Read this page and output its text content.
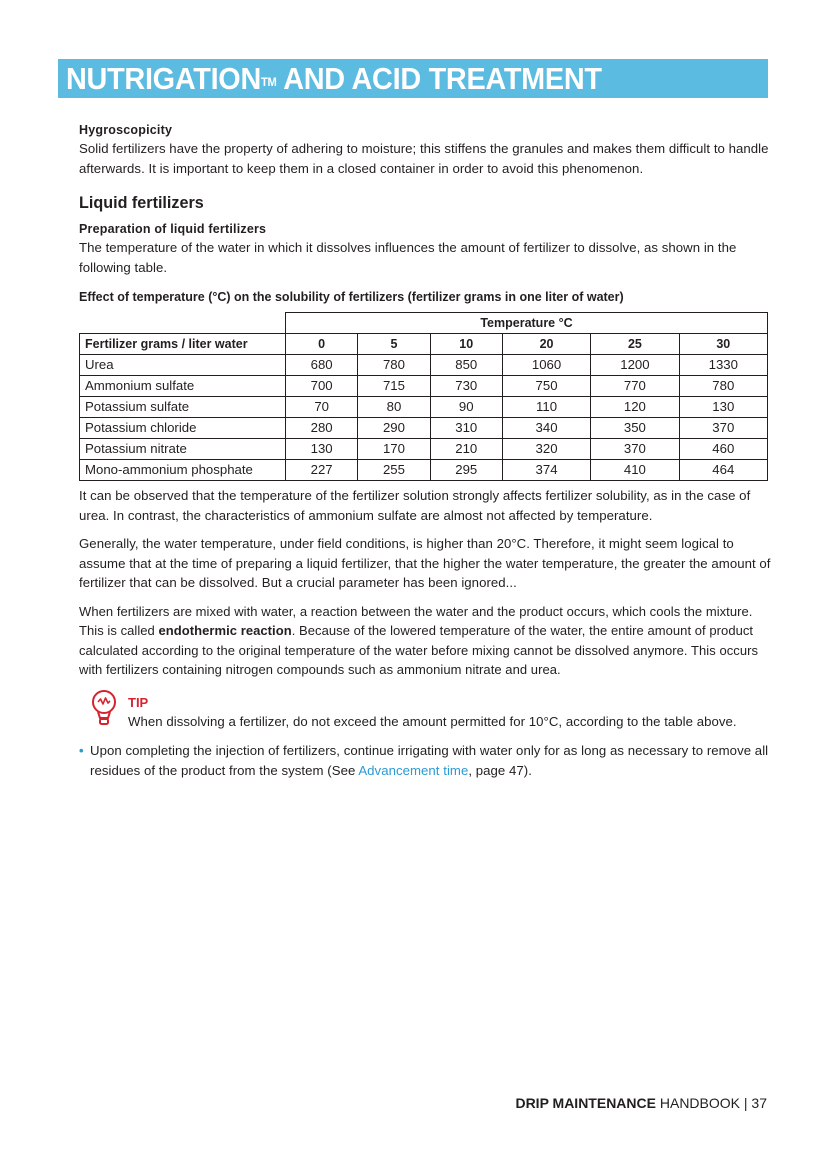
NUTRIGATION™ AND ACID TREATMENT

Hygroscopicity

Solid fertilizers have the property of adhering to moisture; this stiffens the granules and makes them difficult to handle afterwards. It is important to keep them in a closed container in order to avoid this phenomenon.

Liquid fertilizers

Preparation of liquid fertilizers

The temperature of the water in which it dissolves influences the amount of fertilizer to dissolve, as shown in the following table.

Effect of temperature (°C) on the solubility of fertilizers (fertilizer grams in one liter of water)

	Temperature °C					
Fertilizer grams / liter water	0	5	10	20	25	30
Urea	680	780	850	1060	1200	1330
Ammonium sulfate	700	715	730	750	770	780
Potassium sulfate	70	80	90	110	120	130
Potassium chloride	280	290	310	340	350	370
Potassium nitrate	130	170	210	320	370	460
Mono-ammonium phosphate	227	255	295	374	410	464

It can be observed that the temperature of the fertilizer solution strongly affects fertilizer solubility, as in the case of urea. In contrast, the characteristics of ammonium sulfate are almost not affected by temperature.

Generally, the water temperature, under field conditions, is higher than 20°C. Therefore, it might seem logical to assume that at the time of preparing a liquid fertilizer, that the higher the water temperature, the greater the amount of fertilizer that can be dissolved. But a crucial parameter has been ignored...

When fertilizers are mixed with water, a reaction between the water and the product occurs, which cools the mixture. This is called endothermic reaction. Because of the lowered temperature of the water, the entire amount of product calculated according to the original temperature of the water before mixing cannot be dissolved anymore. This occurs with fertilizers containing nitrogen compounds such as ammonium nitrate and urea.

TIP

When dissolving a fertilizer, do not exceed the amount permitted for 10°C, according to the table above.

• Upon completing the injection of fertilizers, continue irrigating with water only for as long as necessary to remove all residues of the product from the system (See Advancement time, page 47).
DRIP MAINTENANCE HANDBOOK | 37
